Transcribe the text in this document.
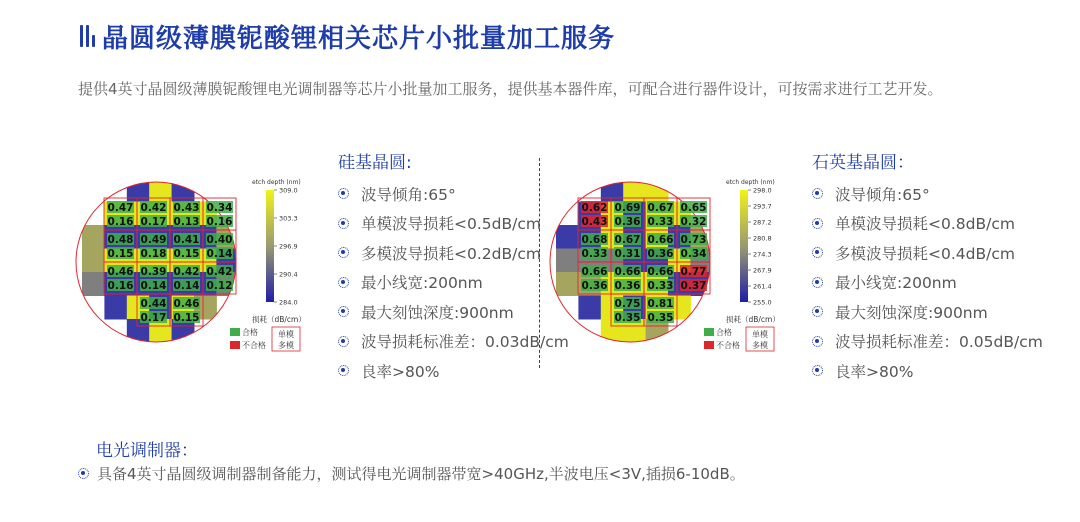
晶圆级薄膜铌酸锂相关芯片小批量加工服务
提供4英寸晶圆级薄膜铌酸锂电光调制器等芯片小批量加工服务，提供基本器件库，可配合进行器件设计，可按需求进行工艺开发。
0.47
0.16
0.42
0.17
0.43
0.13
0.34
0.16
0.48
0.15
0.49
0.18
0.41
0.15
0.40
0.14
0.46
0.16
0.39
0.14
0.42
0.14
0.42
0.12
0.44
0.17
0.46
0.15
etch depth (nm)
309.0
303.3
296.9
290.4
284.0
损耗（dB/cm）
合格
不合格
单模
多模
0.62
0.43
0.69
0.36
0.67
0.33
0.65
0.32
0.68
0.33
0.67
0.31
0.66
0.36
0.73
0.34
0.66
0.36
0.66
0.36
0.66
0.33
0.77
0.37
0.75
0.35
0.81
0.35
etch depth (nm)
298.0
293.7
287.2
280.8
274.3
267.9
261.4
255.0
损耗（dB/cm）
合格
不合格
单模
多模
硅基晶圆:
波导倾角:65°
单模波导损耗<0.5dB/cm
多模波导损耗<0.2dB/cm
最小线宽:200nm
最大刻蚀深度:900nm
波导损耗标准差：0.03dB/cm
良率>80%
石英基晶圆：
波导倾角:65°
单模波导损耗<0.8dB/cm
多模波导损耗<0.4dB/cm
最小线宽:200nm
最大刻蚀深度:900nm
波导损耗标准差：0.05dB/cm
良率>80%
电光调制器：
具备4英寸晶圆级调制器制备能力，测试得电光调制器带宽>40GHz,半波电压<3V,插损6-10dB。
